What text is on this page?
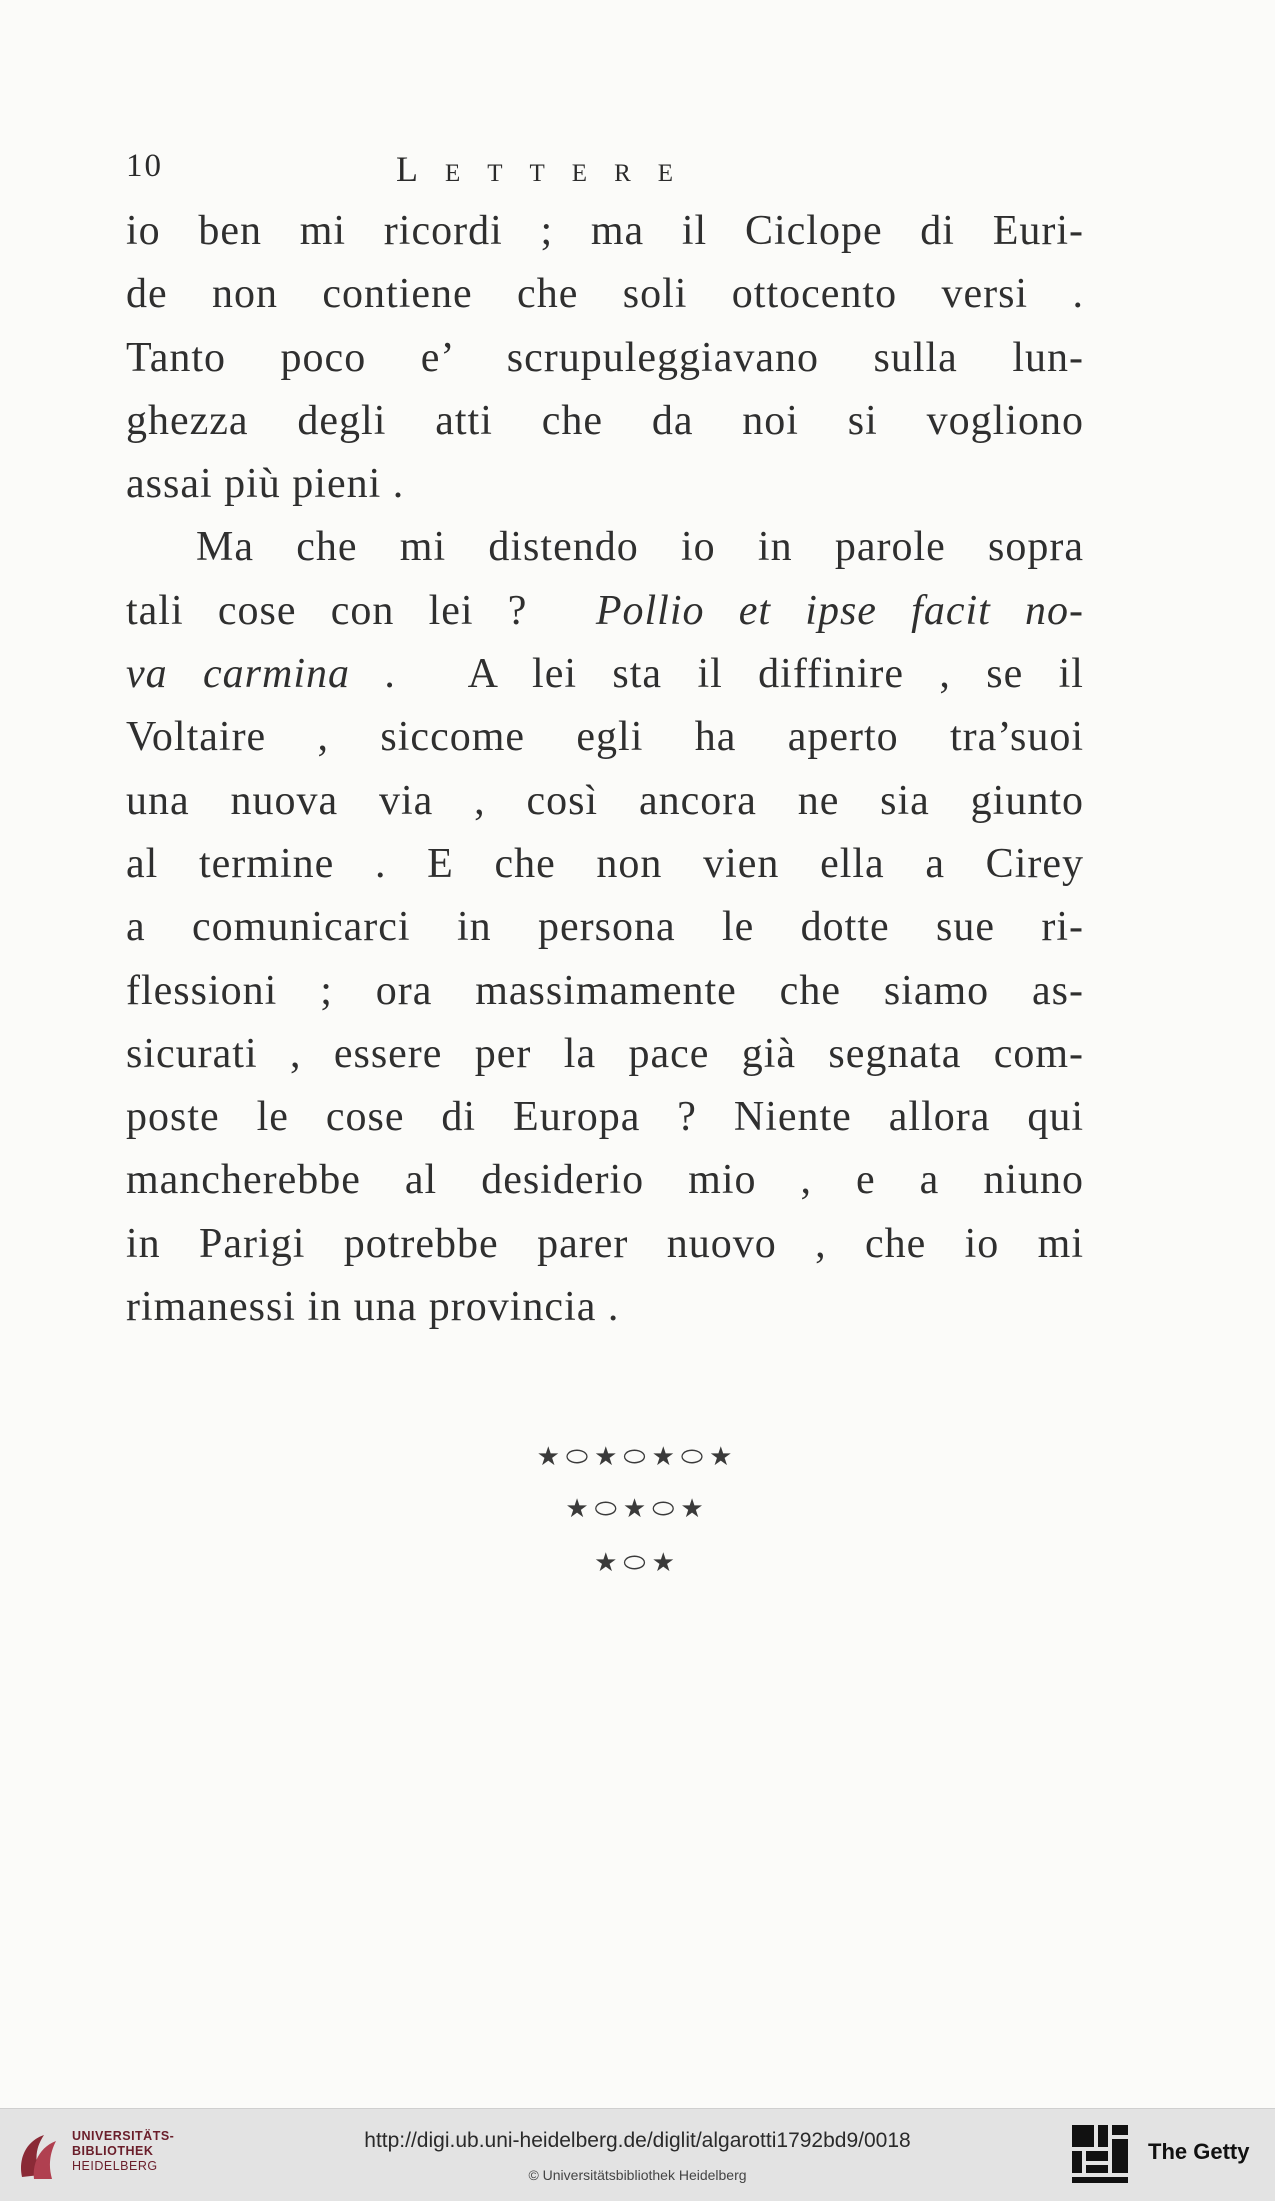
10	Lettere
io ben mi ricordi ; ma il Ciclope di Euri-
de non contiene che soli ottocento versi .
Tanto poco e’ scrupuleggiavano sulla lun-
ghezza degli atti che da noi si vogliono
assai più pieni .
Ma che mi distendo io in parole sopra
tali cose con lei ? Pollio et ipse facit no-
va carmina . A lei sta il diffinire , se il
Voltaire , siccome egli ha aperto tra’suoi
una nuova via , così ancora ne sia giunto
al termine . E che non vien ella a Cirey
a comunicarci in persona le dotte sue ri-
flessioni ; ora massimamente che siamo as-
sicurati , essere per la pace già segnata com-
poste le cose di Europa ? Niente allora qui
mancherebbe al desiderio mio , e a niuno
in Parigi potrebbe parer nuovo , che io mi
rimanessi in una provincia .
★⬭★⬭★⬭★
★⬭★⬭★
★⬭★
UNIVERSITÄTS-
BIBLIOTHEK
HEIDELBERG
http://digi.ub.uni-heidelberg.de/diglit/algarotti1792bd9/0018
© Universitätsbibliothek Heidelberg
The Getty
